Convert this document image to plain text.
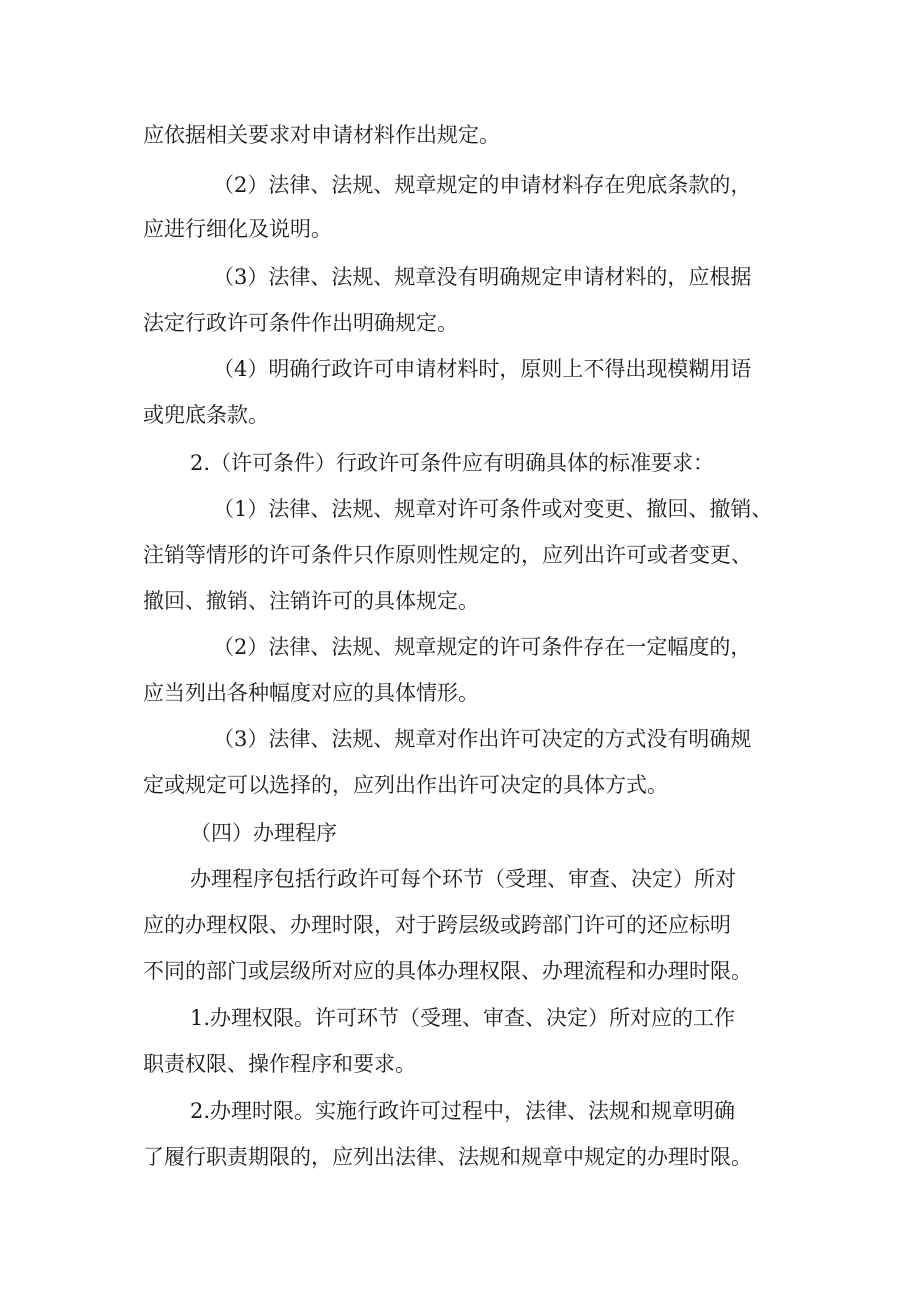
应依据相关要求对申请材料作出规定。
（2）法律、法规、规章规定的申请材料存在兜底条款的，
应进行细化及说明。
（3）法律、法规、规章没有明确规定申请材料的，应根据
法定行政许可条件作出明确规定。
（4）明确行政许可申请材料时，原则上不得出现模糊用语
或兜底条款。
2.（许可条件）行政许可条件应有明确具体的标准要求：
（1）法律、法规、规章对许可条件或对变更、撤回、撤销、
注销等情形的许可条件只作原则性规定的，应列出许可或者变更、
撤回、撤销、注销许可的具体规定。
（2）法律、法规、规章规定的许可条件存在一定幅度的，
应当列出各种幅度对应的具体情形。
（3）法律、法规、规章对作出许可决定的方式没有明确规
定或规定可以选择的，应列出作出许可决定的具体方式。
（四）办理程序
办理程序包括行政许可每个环节（受理、审查、决定）所对
应的办理权限、办理时限，对于跨层级或跨部门许可的还应标明
不同的部门或层级所对应的具体办理权限、办理流程和办理时限。
1.办理权限。许可环节（受理、审查、决定）所对应的工作
职责权限、操作程序和要求。
2.办理时限。实施行政许可过程中，法律、法规和规章明确
了履行职责期限的，应列出法律、法规和规章中规定的办理时限。
